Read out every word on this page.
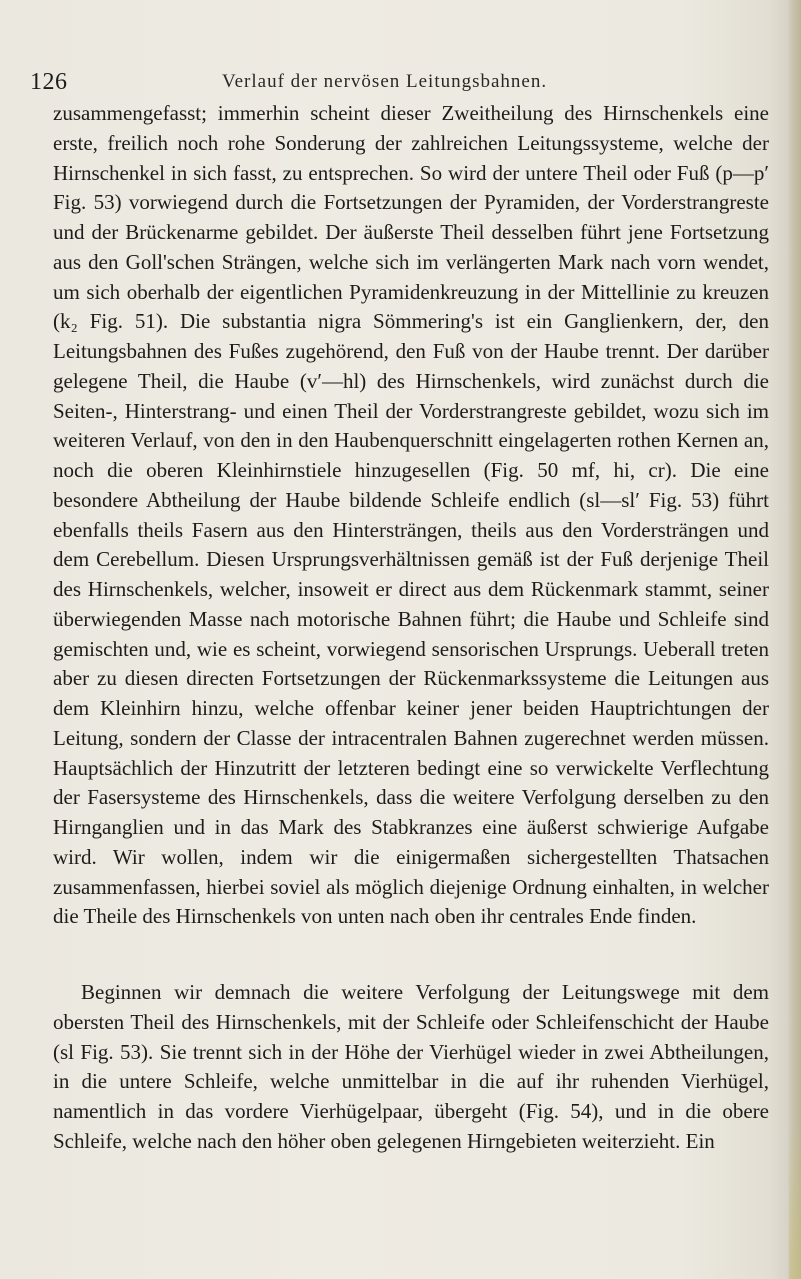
126	Verlauf der nervösen Leitungsbahnen.

zusammengefasst; immerhin scheint dieser Zweitheilung des Hirnschenkels eine erste, freilich noch rohe Sonderung der zahlreichen Leitungssysteme, welche der Hirnschenkel in sich fasst, zu entsprechen. So wird der untere Theil oder Fuß (p—p′ Fig. 53) vorwiegend durch die Fortsetzungen der Pyramiden, der Vorderstrangreste und der Brückenarme gebildet. Der äußerste Theil desselben führt jene Fortsetzung aus den Goll'schen Strängen, welche sich im verlängerten Mark nach vorn wendet, um sich oberhalb der eigentlichen Pyramidenkreuzung in der Mittellinie zu kreuzen (k₂ Fig. 51). Die substantia nigra Sömmering's ist ein Ganglienkern, der, den Leitungsbahnen des Fußes zugehörend, den Fuß von der Haube trennt. Der darüber gelegene Theil, die Haube (v′—hl) des Hirnschenkels, wird zunächst durch die Seiten-, Hinterstrang- und einen Theil der Vorderstrangreste gebildet, wozu sich im weiteren Verlauf, von den in den Haubenquerschnitt eingelagerten rothen Kernen an, noch die oberen Kleinhirnstiele hinzugesellen (Fig. 50 mf, hi, cr). Die eine besondere Abtheilung der Haube bildende Schleife endlich (sl—sl′ Fig. 53) führt ebenfalls theils Fasern aus den Hintersträngen, theils aus den Vordersträngen und dem Cerebellum. Diesen Ursprungsverhältnissen gemäß ist der Fuß derjenige Theil des Hirnschenkels, welcher, insoweit er direct aus dem Rückenmark stammt, seiner überwiegenden Masse nach motorische Bahnen führt; die Haube und Schleife sind gemischten und, wie es scheint, vorwiegend sensorischen Ursprungs. Ueberall treten aber zu diesen directen Fortsetzungen der Rückenmarkssysteme die Leitungen aus dem Kleinhirn hinzu, welche offenbar keiner jener beiden Hauptrichtungen der Leitung, sondern der Classe der intracentralen Bahnen zugerechnet werden müssen. Hauptsächlich der Hinzutritt der letzteren bedingt eine so verwickelte Verflechtung der Fasersysteme des Hirnschenkels, dass die weitere Verfolgung derselben zu den Hirnganglien und in das Mark des Stabkranzes eine äußerst schwierige Aufgabe wird. Wir wollen, indem wir die einigermaßen sichergestellten Thatsachen zusammenfassen, hierbei soviel als möglich diejenige Ordnung einhalten, in welcher die Theile des Hirnschenkels von unten nach oben ihr centrales Ende finden.

Beginnen wir demnach die weitere Verfolgung der Leitungswege mit dem obersten Theil des Hirnschenkels, mit der Schleife oder Schleifenschicht der Haube (sl Fig. 53). Sie trennt sich in der Höhe der Vierhügel wieder in zwei Abtheilungen, in die untere Schleife, welche unmittelbar in die auf ihr ruhenden Vierhügel, namentlich in das vordere Vierhügelpaar, übergeht (Fig. 54), und in die obere Schleife, welche nach den höher oben gelegenen Hirngebieten weiterzieht. Ein
